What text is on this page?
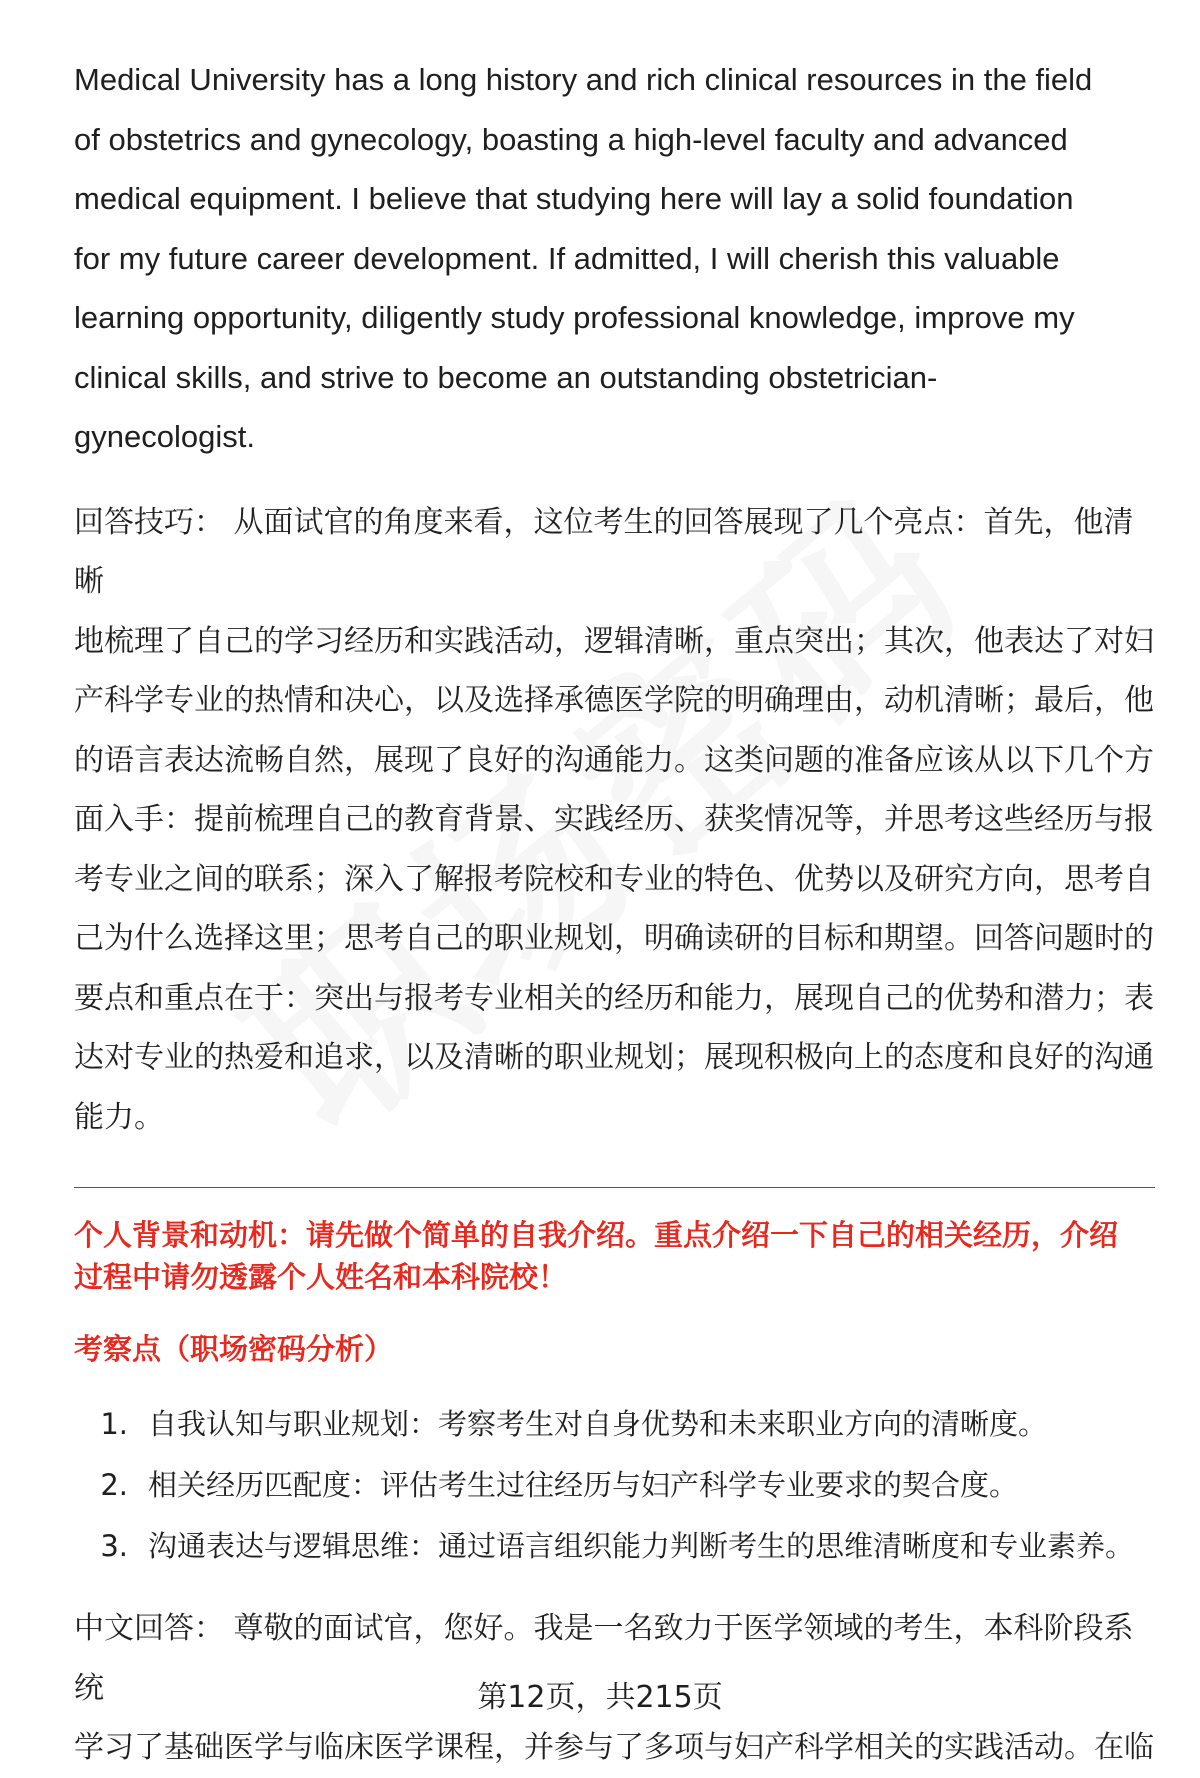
Medical University has a long history and rich clinical resources in the field

of obstetrics and gynecology, boasting a high-level faculty and advanced

medical equipment. I believe that studying here will lay a solid foundation

for my future career development. If admitted, I will cherish this valuable

learning opportunity, diligently study professional knowledge, improve my

clinical skills, and strive to become an outstanding obstetrician-

gynecologist.

回答技巧： 从面试官的角度来看，这位考生的回答展现了几个亮点：首先，他清晰

地梳理了自己的学习经历和实践活动，逻辑清晰，重点突出；其次，他表达了对妇

产科学专业的热情和决心，以及选择承德医学院的明确理由，动机清晰；最后，他

的语言表达流畅自然，展现了良好的沟通能力。这类问题的准备应该从以下几个方

面入手：提前梳理自己的教育背景、实践经历、获奖情况等，并思考这些经历与报

考专业之间的联系；深入了解报考院校和专业的特色、优势以及研究方向，思考自

己为什么选择这里；思考自己的职业规划，明确读研的目标和期望。回答问题时的

要点和重点在于：突出与报考专业相关的经历和能力，展现自己的优势和潜力；表

达对专业的热爱和追求，以及清晰的职业规划；展现积极向上的态度和良好的沟通

能力。

个人背景和动机：请先做个简单的自我介绍。重点介绍一下自己的相关经历，介绍
过程中请勿透露个人姓名和本科院校！
考察点（职场密码分析）
1. 自我认知与职业规划：考察考生对自身优势和未来职业方向的清晰度。
2. 相关经历匹配度：评估考生过往经历与妇产科学专业要求的契合度。
3. 沟通表达与逻辑思维：通过语言组织能力判断考生的思维清晰度和专业素养。

中文回答： 尊敬的面试官，您好。我是一名致力于医学领域的考生，本科阶段系统

学习了基础医学与临床医学课程，并参与了多项与妇产科学相关的实践活动。在临

第12页，共215页
